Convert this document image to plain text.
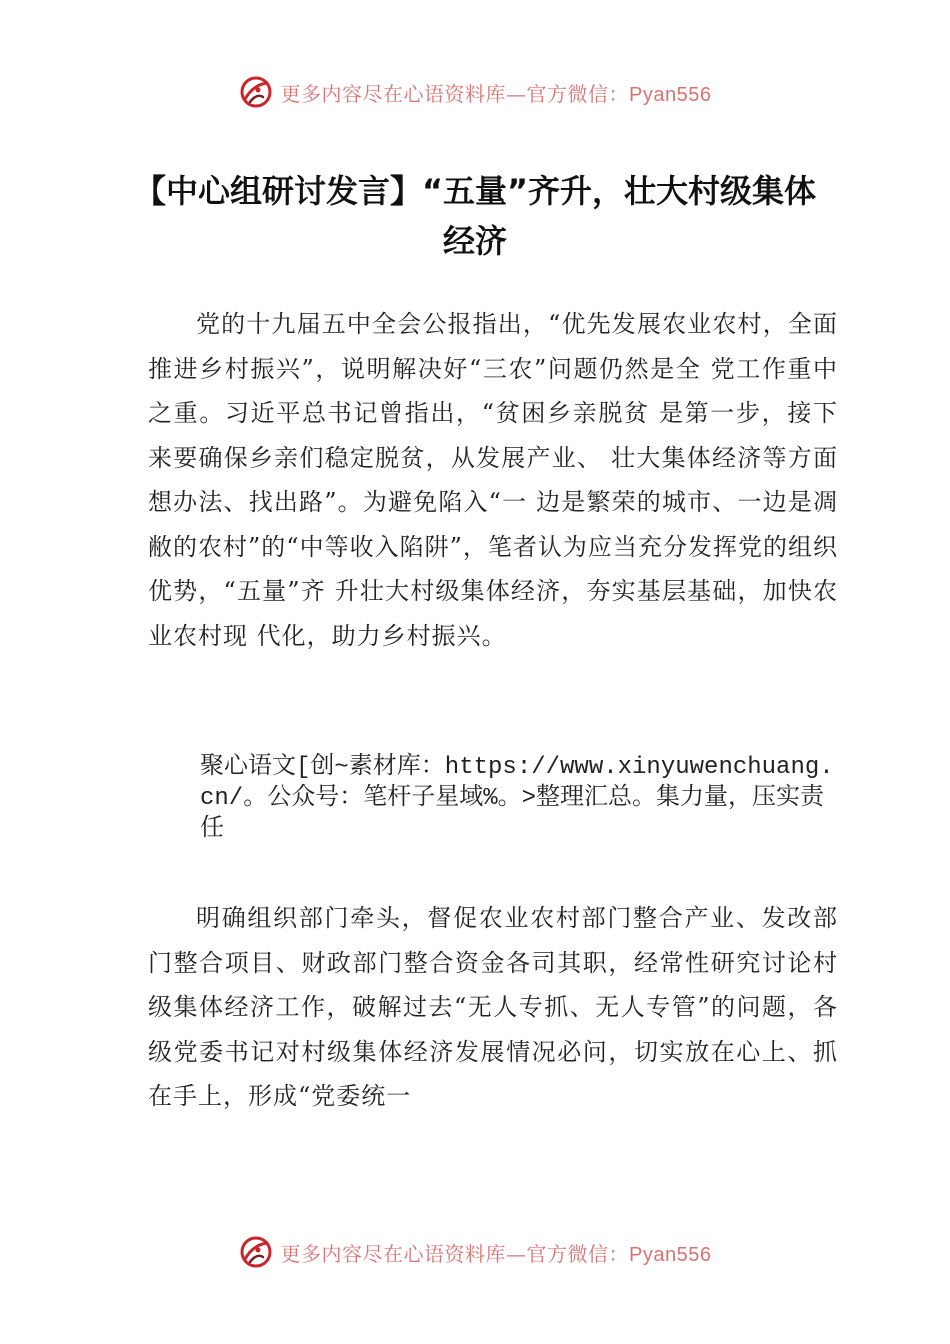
更多内容尽在心语资料库—官方微信：Pyan556
【中心组研讨发言】“五量”齐升，壮大村级集体经济

党的十九届五中全会公报指出，“优先发展农业农村，全面推进乡村振兴”，说明解决好“三农”问题仍然是全 党工作重中之重。习近平总书记曾指出，“贫困乡亲脱贫 是第一步，接下来要确保乡亲们稳定脱贫，从发展产业、 壮大集体经济等方面想办法、找出路”。为避免陷入“一 边是繁荣的城市、一边是凋敝的农村”的“中等收入陷阱”，笔者认为应当充分发挥党的组织优势，“五量”齐 升壮大村级集体经济，夯实基层基础，加快农业农村现 代化，助力乡村振兴。

聚心语文[创~素材库：https://www.xinyuwenchuang.cn/。公众号：笔杆子星域%。>整理汇总。集力量，压实责任

明确组织部门牵头，督促农业农村部门整合产业、发改部门整合项目、财政部门整合资金各司其职，经常性研究讨论村级集体经济工作，破解过去“无人专抓、无人专管”的问题，各级党委书记对村级集体经济发展情况必问，切实放在心上、抓在手上，形成“党委统一

更多内容尽在心语资料库—官方微信：Pyan556
